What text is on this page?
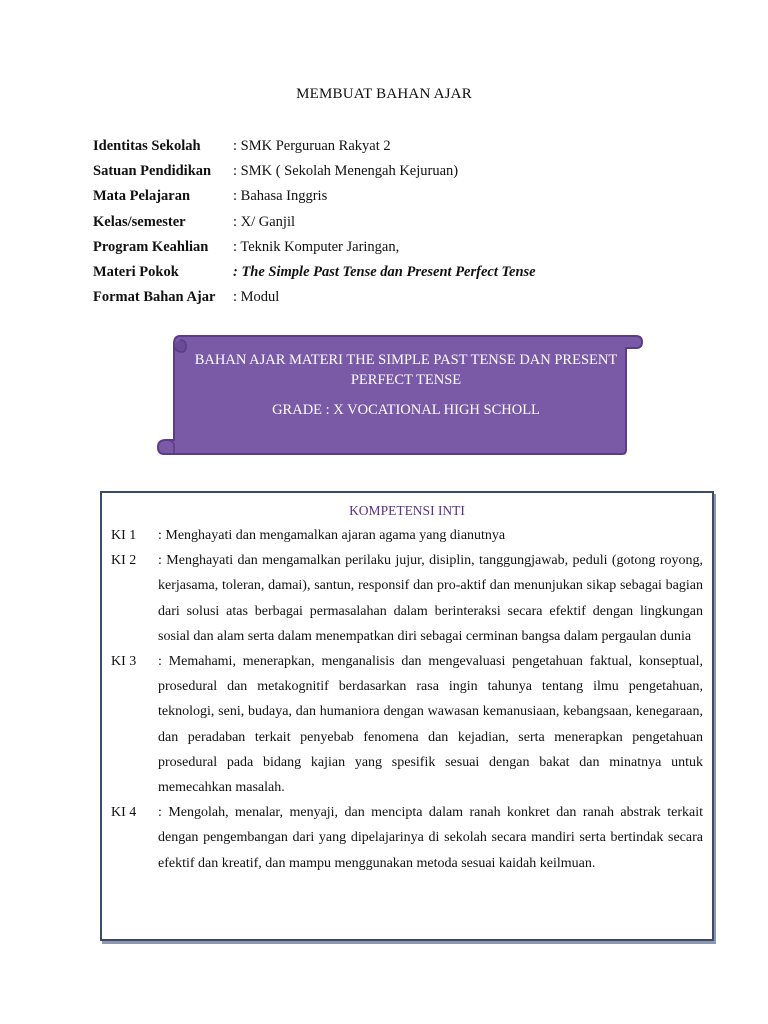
MEMBUAT BAHAN AJAR
Identitas Sekolah	: SMK Perguruan Rakyat 2
Satuan Pendidikan	: SMK ( Sekolah Menengah Kejuruan)
Mata Pelajaran	: Bahasa Inggris
Kelas/semester	: X/ Ganjil
Program Keahlian	: Teknik Komputer Jaringan,
Materi Pokok	: The Simple Past Tense dan Present Perfect Tense
Format Bahan Ajar	: Modul
BAHAN AJAR MATERI THE SIMPLE PAST TENSE DAN PRESENT PERFECT TENSE
GRADE : X VOCATIONAL HIGH SCHOLL
KOMPETENSI INTI
KI 1	: Menghayati dan mengamalkan ajaran agama yang dianutnya
KI 2	: Menghayati dan mengamalkan perilaku jujur, disiplin, tanggungjawab, peduli (gotong royong, kerjasama, toleran, damai), santun, responsif dan pro-aktif dan menunjukan sikap sebagai bagian dari solusi atas berbagai permasalahan dalam berinteraksi secara efektif dengan lingkungan sosial dan alam serta dalam menempatkan diri sebagai cerminan bangsa dalam pergaulan dunia
KI 3	: Memahami, menerapkan, menganalisis dan mengevaluasi pengetahuan faktual, konseptual, prosedural dan metakognitif berdasarkan rasa ingin tahunya tentang ilmu pengetahuan, teknologi, seni, budaya, dan humaniora dengan wawasan kemanusiaan, kebangsaan, kenegaraan, dan peradaban terkait penyebab fenomena dan kejadian, serta menerapkan pengetahuan prosedural pada bidang kajian yang spesifik sesuai dengan bakat dan minatnya untuk memecahkan masalah.
KI 4	: Mengolah, menalar, menyaji, dan mencipta dalam ranah konkret dan ranah abstrak terkait dengan pengembangan dari yang dipelajarinya di sekolah secara mandiri serta bertindak secara efektif dan kreatif, dan mampu menggunakan metoda sesuai kaidah keilmuan.
